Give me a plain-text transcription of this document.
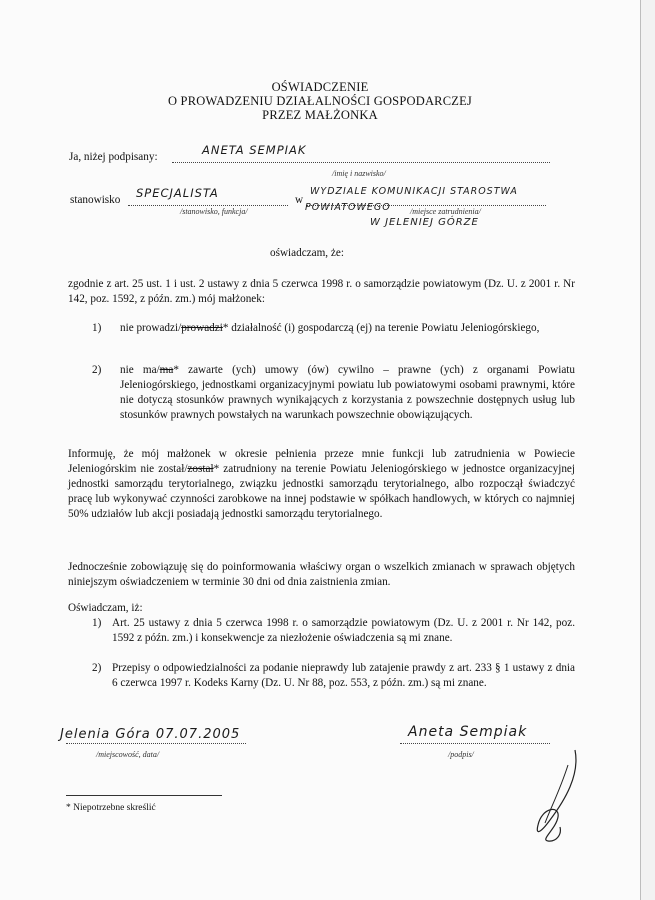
OŚWIADCZENIE
O PROWADZENIU DZIAŁALNOŚCI GOSPODARCZEJ
PRZEZ MAŁŻONKA
Ja, niżej podpisany:	ANETA SEMPIAK
/imię i nazwisko/
stanowisko SPECJALISTA	w
WYDZIALE KOMUNIKACJI STAROSTWA
/stanowisko, funkcja/	POWIATOWEGO /miejsce zatrudnienia/
W JELENIEJ GÓRZE
oświadczam, że:
zgodnie z art. 25 ust. 1 i ust. 2 ustawy z dnia 5 czerwca 1998 r. o samorządzie powiatowym (Dz. U. z 2001 r. Nr 142, poz. 1592, z późn. zm.) mój małżonek:
1) nie prowadzi/prowadzi* działalność (i) gospodarczą (ej) na terenie Powiatu Jeleniogórskiego,
2) nie ma/ma* zawarte (ych) umowy (ów) cywilno – prawne (ych) z organami Powiatu Jeleniogórskiego, jednostkami organizacyjnymi powiatu lub powiatowymi osobami prawnymi, które nie dotyczą stosunków prawnych wynikających z korzystania z powszechnie dostępnych usług lub stosunków prawnych powstałych na warunkach powszechnie obowiązujących.
Informuję, że mój małżonek w okresie pełnienia przeze mnie funkcji lub zatrudnienia w Powiecie Jeleniogórskim nie został/został* zatrudniony na terenie Powiatu Jeleniogórskiego w jednostce organizacyjnej jednostki samorządu terytorialnego, związku jednostki samorządu terytorialnego, albo rozpoczął świadczyć pracę lub wykonywać czynności zarobkowe na innej podstawie w spółkach handlowych, w których co najmniej 50% udziałów lub akcji posiadają jednostki samorządu terytorialnego.
Jednocześnie zobowiązuję się do poinformowania właściwy organ o wszelkich zmianach w sprawach objętych niniejszym oświadczeniem w terminie 30 dni od dnia zaistnienia zmian.
Oświadczam, iż:
1) Art. 25 ustawy z dnia 5 czerwca 1998 r. o samorządzie powiatowym (Dz. U. z 2001 r. Nr 142, poz. 1592 z późn. zm.) i konsekwencje za niezłożenie oświadczenia są mi znane.
2) Przepisy o odpowiedzialności za podanie nieprawdy lub zatajenie prawdy z art. 233 § 1 ustawy z dnia 6 czerwca 1997 r. Kodeks Karny (Dz. U. Nr 88, poz. 553, z późn. zm.) są mi znane.
Jelenia Góra 07.07.2005
/miejscowość, data/
Aneta Sempiak
/podpis/
* Niepotrzebne skreślić
